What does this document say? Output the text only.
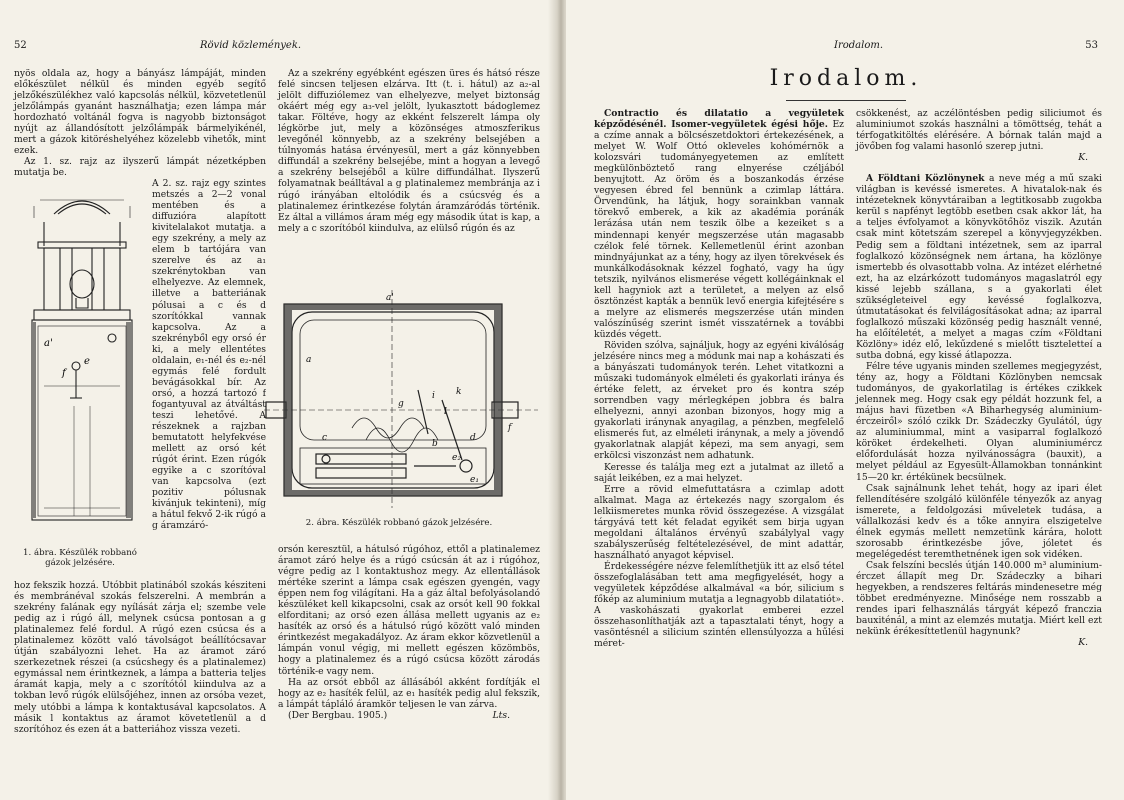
52	Rövid közlemények.

nyös oldala az, hogy a bányász lámpáját, minden előkészület nélkül és minden egyéb segítő jelzőkészülékhez való kapcsolás nélkül, közvetetlenül jelzőlámpás gyanánt használhatja; ezen lámpa már hordozható voltánál fogva is nagyobb biztonságot nyújt az állandósított jelzőlámpák bármelyikénél, mert a gázok kitöréshelyéhez közelebb vihetők, mint ezek.

Az 1. sz. rajz az ilyszerű lámpát nézetképben mutatja be.

a'
e
f
1. ábra. Készülék robbanó gázok jelzésére.

A 2. sz. rajz egy szintes metszés a 2—2 vonal mentében és a diffuzióra alapított kivitelalakot mutatja. a egy szekrény, a mely az elem b tartójára van szerelve és az a₁ szekrénytokban van elhelyezve. Az elemnek, illetve a batteriának pólusai a c és d szorítókkal vannak kapcsolva. Az a szekrényből egy orsó ér ki, a mely ellentétes oldalain, e₁-nél és e₂-nél egymás felé fordult bevágásokkal bír. Az orsó, a hozzá tartozó f fogantyuval az átváltást teszi lehetővé. A részeknek a rajzban bemutatott helyfekvése mellett az orsó két rúgót érint. Ezen rúgók egyike a c szorítóval van kapcsolva (ezt pozitiv pólusnak kivánjuk tekinteni), míg a hátul fekvő 2-ik rúgó a g áramzáró-

hoz fekszik hozzá. Utóbbit platinából szokás késziteni és membránéval szokás felszerelni. A membrán a szekrény falának egy nyílását zárja el; szembe vele pedig az i rúgó áll, melynek csúcsa pontosan a g platinalemez felé fordul. A rúgó ezen csúcsa és a platinalemez között való távolságot beállítócsavar útján szabályozni lehet. Ha az áramot záró szerkezetnek részei (a csúcshegy és a platinalemez) egymással nem érintkeznek, a lámpa a batteria teljes áramát kapja, mely a c szorítótól kiindulva az a tokban levő rúgók elülsőjéhez, innen az orsóba vezet, mely utóbbi a lámpa k kontaktusával kapcsolatos. A másik l kontaktus az áramot követetlenül a d szorítóhoz és ezen át a batteriához vissza vezeti.

Az a szekrény egyébként egészen üres és hátsó része felé sincsen teljesen elzárva. Itt (t. i. hátul) az a₂-al jelölt diffuziólemez van elhelyezve, melyet biztonság okáért még egy a₃-vel jelölt, lyukasztott bádoglemez takar. Föltéve, hogy az ekként felszerelt lámpa oly légkörbe jut, mely a közönséges atmoszferikus levegőnél könnyebb, az a szekrény belsejében a túlnyomás hatása érvényesül, mert a gáz könnyebben diffundál a szekrény belsejébe, mint a hogyan a levegő a szekrény belsejéből a külre diffundálhat. Ilyszerű folyamatnak beálltával a g platinalemez membránja az i rúgó irányában eltolódik és a csúcsvég és a platinalemez érintkezése folytán áramzáródás történik. Ez által a villámos áram még egy második útat is kap, a mely a c szorítóból kiindulva, az elülső rúgón és az

a'
a
g
i k
l
c	d
b
e₂
e₁
f
2. ábra. Készülék robbanó gázok jelzésére.

orsón keresztül, a hátulsó rúgóhoz, ettől a platinalemez áramot záró helye és a rúgó csúcsán át az i rúgóhoz, végre pedig az l kontaktushoz megy. Az ellentállások mértéke szerint a lámpa csak egészen gyengén, vagy éppen nem fog világítani. Ha a gáz által befolyásolandó készüléket kell kikapcsolni, csak az orsót kell 90 fokkal elforditani; az orsó ezen állása mellett ugyanis az e₂ hasíték az orsó és a hátulsó rúgó között való minden érintkezést megakadályoz. Az áram ekkor közvetlenül a lámpán vonul végig, mi mellett egészen közömbös, hogy a platinalemez és a rúgó csúcsa között zárodás történik-e vagy nem.

Ha az orsót ebből az állásából akként fordítják el hogy az e₂ hasíték felül, az e₁ hasíték pedig alul fekszik, a lámpát tápláló áramkör teljesen le van zárva.

(Der Bergbau. 1905.)	Lts.

Irodalom.	53
Irodalom.

Contractio és dilatatio a vegyületek képződésénél. Isomer-vegyületek égési hője. Ez a czíme annak a bölcsészetdoktori értekezésének, a melyet W. Wolf Ottó okleveles kohómérnök a kolozsvári tudományegyetemen az említett megkülönböztető rang elnyerése czéljából benyujtott. Az öröm és a boszankodás érzése vegyesen ébred fel bennünk a czimlap láttára. Örvendünk, ha látjuk, hogy sorainkban vannak törekvő emberek, a kik az akadémia poránák lerázása után nem teszik ölbe a kezeiket s a mindennapi kenyér megszerzése után magasabb czélok felé törnek. Kellemetlenül érint azonban mindnyájunkat az a tény, hogy az ilyen törekvések és munkálkodásoknak kézzel fogható, vagy ha úgy tetszik, nyilvános elismerése végett kollégáinknak el kell hagyniok azt a területet, a melyen az első ösztönzést kapták a bennük levő energia kifejtésére s a melyre az elismerés megszerzése után minden valószínűség szerint ismét visszatérnek a további küzdés végett.

Röviden szólva, sajnáljuk, hogy az egyéni kiválóság jelzésére nincs meg a módunk mai nap a kohászati és a bányászati tudományok terén. Lehet vitatkozni a műszaki tudományok elméleti és gyakorlati iránya és értéke felett, az érveket pro és kontra szép sorrendben vagy mérlegképen jobbra és balra elhelyezni, annyi azonban bizonyos, hogy mig a gyakorlati iránynak anyagilag, a pénzben, megfelelő elismerés fut, az elméleti iránynak, a mely a jövendő gyakorlatnak alapját képezi, ma sem anyagi, sem erkölcsi viszonzást nem adhatunk.

Keresse és találja meg ezt a jutalmat az illető a saját leikében, ez a mai helyzet.

Erre a rövid elmefuttatásra a czimlap adott alkalmat. Maga az értekezés nagy szorgalom és lelkiismeretes munka rövid összegezése. A vizsgálat tárgyává tett két feladat egyikét sem birja ugyan megoldani általános érvényű szabálylyal vagy szabályszerűség feltételezésével, de mint adattár, használható anyagot képvisel.

Érdekességére nézve felemlíthetjük itt az első tétel összefoglalásában tett ama megfigyelését, hogy a vegyületek képződése alkalmával «a bór, silicium s főkép az aluminium mutatja a legnagyobb dilatatiót». A vaskohászati gyakorlat emberei ezzel összehasonlíthatják azt a tapasztalati tényt, hogy a vasöntésnél a silicium szintén ellensúlyozza a hűlési méret-

csökkenést, az aczélöntésben pedig siliciumot és aluminiumot szokás használni a tömöttség, tehát a térfogatkitöltés elérésére. A bórnak talán majd a jövőben fog valami hasonló szerep jutni.

K.

A Földtani Közlönynek a neve még a mű szaki világban is kevéssé ismeretes. A hivatalok-nak és intézeteknek könyvtáraiban a legtitkosabb zugokba kerül s napfényt legtöbb esetben csak akkor lát, ha a teljes évfolyamot a könyvkötőhöz viszik. Azután csak mint kötetszám szerepel a könyvjegyzékben. Pedig sem a földtani intézetnek, sem az iparral foglalkozó közönségnek nem ártana, ha közlönye ismertebb és olvasottabb volna. Az intézet elérhetné ezt, ha az elzárkózott tudományos magaslatról egy kissé lejebb szállana, s a gyakorlati élet szükségleteivel egy kevéssé foglalkozva, útmutatásokat és felvilágosításokat adna; az iparral foglalkozó műszaki közönség pedig használt venné, ha előítéletét, a melyet a magas czím «Földtani Közlöny» idéz elő, lekűzdené s mielőtt tiszteletteí a sutba dobná, egy kissé átlapozza.

Félre téve ugyanis minden szellemes megjegyzést, tény az, hogy a Földtani Közlönyben nemcsak tudományos, de gyakorlatilag is értékes czikkek jelennek meg. Hogy csak egy példát hozzunk fel, a május havi füzetben «A Biharhegység aluminium-érczeiről» szóló czikk Dr. Szádeczky Gyulától, úgy az aluminiummal, mint a vasiparral foglalkozó köröket érdekelheti. Olyan aluminiumércz előfordulását hozza nyilvánosságra (bauxit), a melyet például az Egyesült-Államokban tonnánkint 15—20 kr. értékünek becsülnek.

Csak sajnálnunk lehet tehát, hogy az ipari élet fellendítésére szolgáló különféle tényezők az anyag ismerete, a feldolgozási műveletek tudása, a vállalkozási kedv és a tőke annyira elszigetelve élnek egymás mellett nemzetünk kárára, holott szorosabb érintkezésbe jőve, jóletet és megelégedést teremthetnének igen sok vidéken.

Csak felszíni becslés útján 140.000 m³ aluminium-érczet állapít meg Dr. Szádeczky a bihari hegyekben, a rendszeres feltárás mindenesetre még többet eredményezne. Minősége nem rosszabb a rendes ipari felhasználás tárgyát képező franczia bauxiténál, a mint az elemzés mutatja. Miért kell ezt nekünk érékesíttetlenül hagynunk?

K.
